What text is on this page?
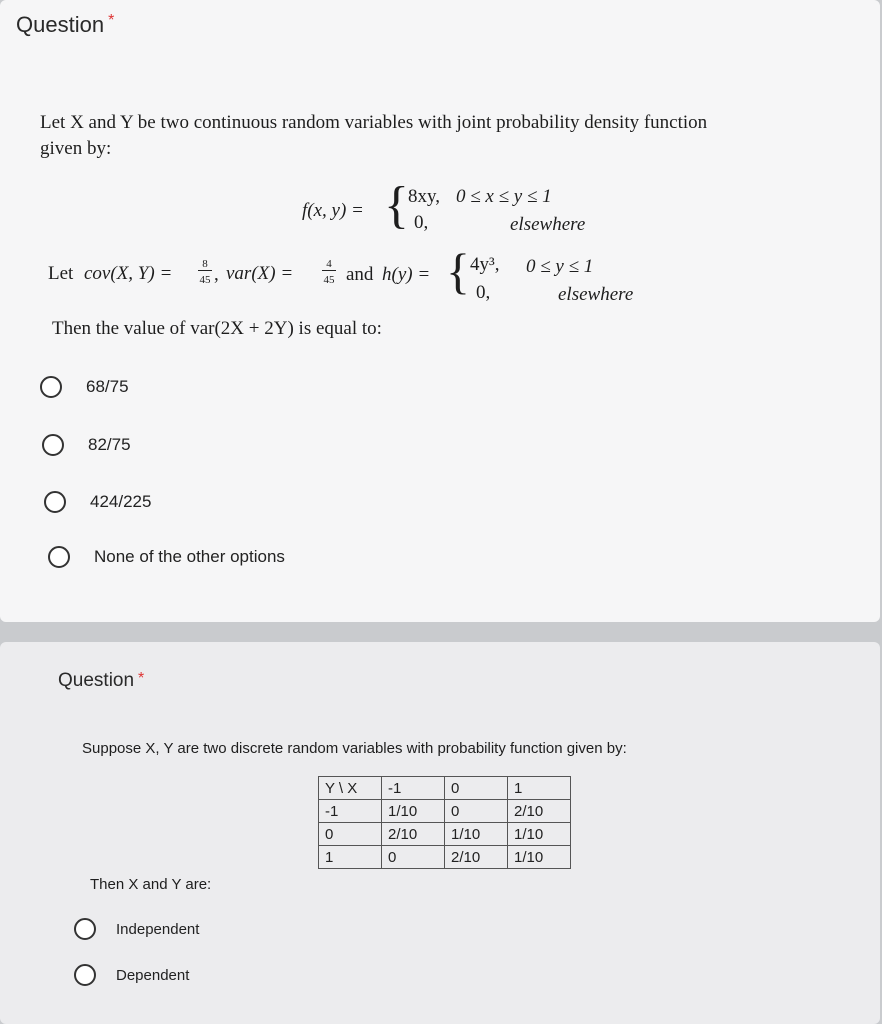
Question *
Let X and Y be two continuous random variables with joint probability density function
given by:
f(x, y) = { 8xy, 0 ≤ x ≤ y ≤ 1
0,	elsewhere
Let cov(X, Y) =	8
45 , var(X) =	4
45 and h(y) = { 4y³, 0 ≤ y ≤ 1
0,	elsewhere
Then the value of var(2X + 2Y) is equal to:
68/75
82/75
424/225
None of the other options
Question *
Suppose X, Y are two discrete random variables with probability function given by:
Y \ X	-1	0	1
-1	1/10	0	2/10
0	2/10	1/10	1/10
1	0	2/10	1/10
Then X and Y are:
Independent
Dependent
